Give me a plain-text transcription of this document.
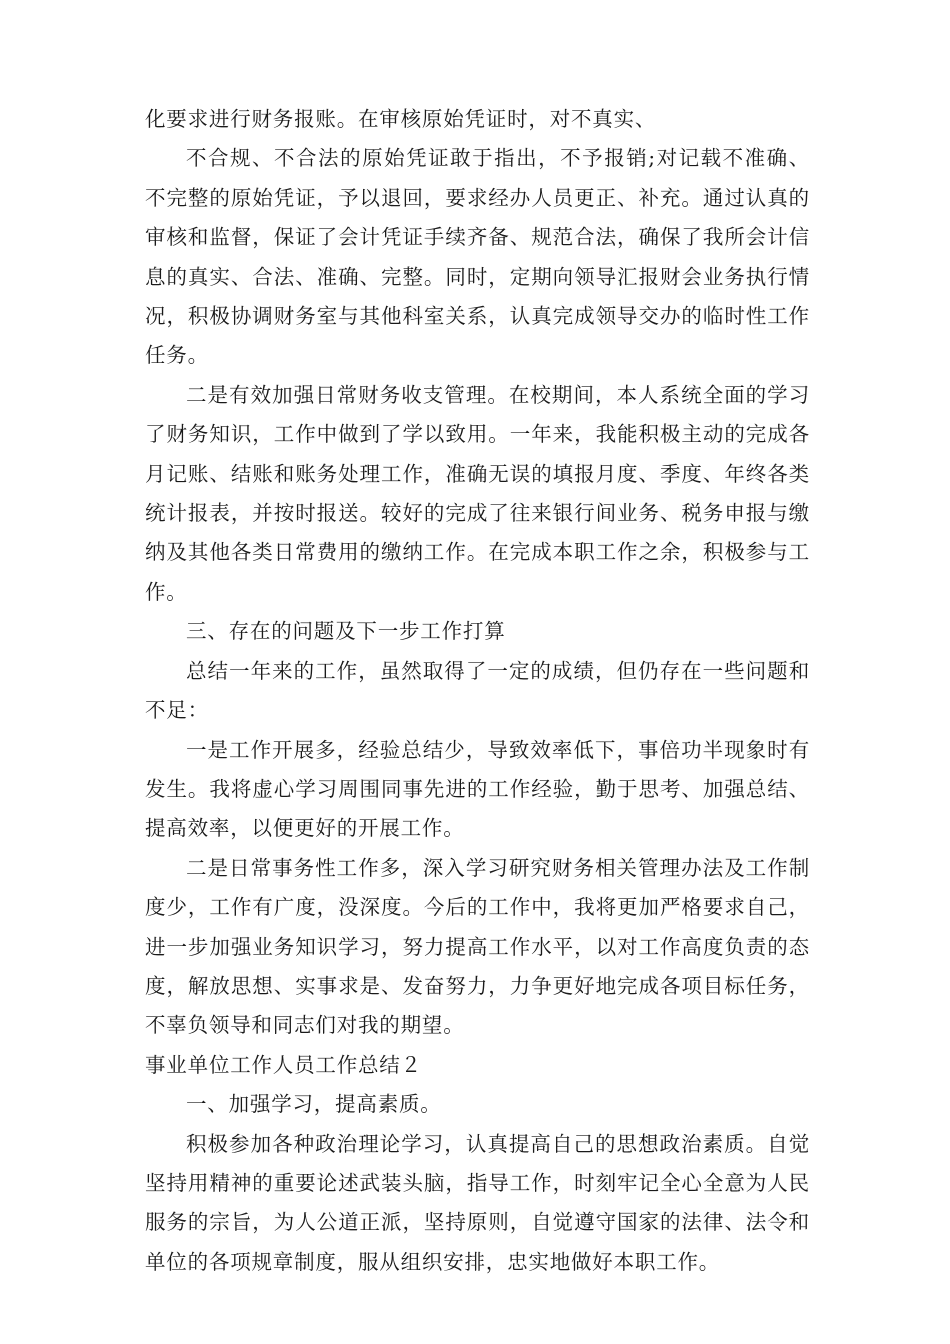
化要求进行财务报账。在审核原始凭证时，对不真实、

不合规、不合法的原始凭证敢于指出，不予报销;对记载不准确、不完整的原始凭证，予以退回，要求经办人员更正、补充。通过认真的审核和监督，保证了会计凭证手续齐备、规范合法，确保了我所会计信息的真实、合法、准确、完整。同时，定期向领导汇报财会业务执行情况，积极协调财务室与其他科室关系，认真完成领导交办的临时性工作任务。

二是有效加强日常财务收支管理。在校期间，本人系统全面的学习了财务知识，工作中做到了学以致用。一年来，我能积极主动的完成各月记账、结账和账务处理工作，准确无误的填报月度、季度、年终各类统计报表，并按时报送。较好的完成了往来银行间业务、税务申报与缴纳及其他各类日常费用的缴纳工作。在完成本职工作之余，积极参与工作。

三、存在的问题及下一步工作打算

总结一年来的工作，虽然取得了一定的成绩，但仍存在一些问题和不足：

一是工作开展多，经验总结少，导致效率低下，事倍功半现象时有发生。我将虚心学习周围同事先进的工作经验，勤于思考、加强总结、提高效率，以便更好的开展工作。

二是日常事务性工作多，深入学习研究财务相关管理办法及工作制度少，工作有广度，没深度。今后的工作中，我将更加严格要求自己，进一步加强业务知识学习，努力提高工作水平，以对工作高度负责的态度，解放思想、实事求是、发奋努力，力争更好地完成各项目标任务，不辜负领导和同志们对我的期望。

事业单位工作人员工作总结２

一、加强学习，提高素质。

积极参加各种政治理论学习，认真提高自己的思想政治素质。自觉坚持用精神的重要论述武装头脑，指导工作，时刻牢记全心全意为人民服务的宗旨，为人公道正派，坚持原则，自觉遵守国家的法律、法令和单位的各项规章制度，服从组织安排，忠实地做好本职工作。
